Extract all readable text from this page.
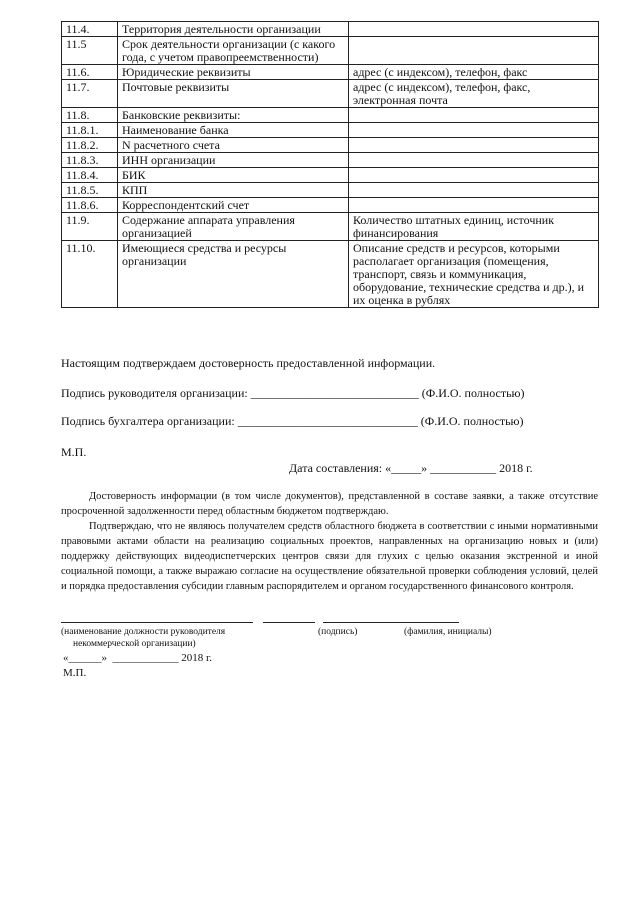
11.4.	Территория деятельности организации	
11.5	Срок деятельности организации (с какого года, с учетом правопреемственности)	
11.6.	Юридические реквизиты	адрес (с индексом), телефон, факс
11.7.	Почтовые реквизиты	адрес (с индексом), телефон, факс, электронная почта
11.8.	Банковские реквизиты:	
11.8.1.	Наименование банка	
11.8.2.	N расчетного счета	
11.8.3.	ИНН организации	
11.8.4.	БИК	
11.8.5.	КПП	
11.8.6.	Корреспондентский счет	
11.9.	Содержание аппарата управления организацией	Количество штатных единиц, источник финансирования
11.10.	Имеющиеся средства и ресурсы организации	Описание средств и ресурсов, которыми располагает организация (помещения, транспорт, связь и коммуникация, оборудование, технические средства и др.), и их оценка в рублях
Настоящим подтверждаем достоверность предоставленной информации.
Подпись руководителя организации: ____________________________ (Ф.И.О. полностью)
Подпись бухгалтера организации: ______________________________ (Ф.И.О. полностью)
М.П.
Дата составления: «_____» ___________ 2018 г.

Достоверность информации (в том числе документов), представленной в составе заявки, а также отсутствие просроченной задолженности перед областным бюджетом подтверждаю.

Подтверждаю, что не являюсь получателем средств областного бюджета в соответствии с иными нормативными правовыми актами области на реализацию социальных проектов, направленных на организацию новых и (или) поддержку действующих видеодиспетчерских центров связи для глухих с целью оказания экстренной и иной социальной помощи, а также выражаю согласие на осуществление обязательной проверки соблюдения условий, целей и порядка предоставления субсидии главным распорядителем и органом государственного финансового контроля.

(наименование должности руководителя	(подпись)	(фамилия, инициалы)
некоммерческой организации)
«______»  ____________ 2018 г.
М.П.
